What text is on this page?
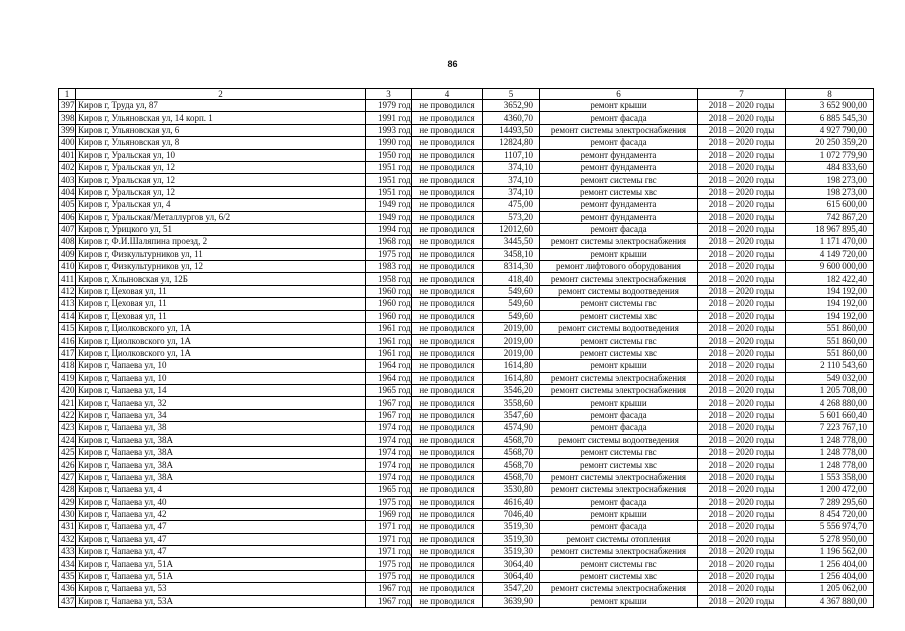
86
1	2	3	4	5	6	7	8
397	Киров г, Труда ул, 87	1979 год	не проводился	3652,90	ремонт крыши	2018 – 2020 годы	3 652 900,00
398	Киров г, Ульяновская ул, 14 корп. 1	1991 год	не проводился	4360,70	ремонт фасада	2018 – 2020 годы	6 885 545,30
399	Киров г, Ульяновская ул, 6	1993 год	не проводился	14493,50	ремонт системы электроснабжения	2018 – 2020 годы	4 927 790,00
400	Киров г, Ульяновская ул, 8	1990 год	не проводился	12824,80	ремонт фасада	2018 – 2020 годы	20 250 359,20
401	Киров г, Уральская ул, 10	1950 год	не проводился	1107,10	ремонт фундамента	2018 – 2020 годы	1 072 779,90
402	Киров г, Уральская ул, 12	1951 год	не проводился	374,10	ремонт фундамента	2018 – 2020 годы	484 833,60
403	Киров г, Уральская ул, 12	1951 год	не проводился	374,10	ремонт системы гвс	2018 – 2020 годы	198 273,00
404	Киров г, Уральская ул, 12	1951 год	не проводился	374,10	ремонт системы хвс	2018 – 2020 годы	198 273,00
405	Киров г, Уральская ул, 4	1949 год	не проводился	475,00	ремонт фундамента	2018 – 2020 годы	615 600,00
406	Киров г, Уральская/Металлургов ул, 6/2	1949 год	не проводился	573,20	ремонт фундамента	2018 – 2020 годы	742 867,20
407	Киров г, Урицкого ул, 51	1994 год	не проводился	12012,60	ремонт фасада	2018 – 2020 годы	18 967 895,40
408	Киров г, Ф.И.Шаляпина проезд, 2	1968 год	не проводился	3445,50	ремонт системы электроснабжения	2018 – 2020 годы	1 171 470,00
409	Киров г, Физкультурников ул, 11	1975 год	не проводился	3458,10	ремонт крыши	2018 – 2020 годы	4 149 720,00
410	Киров г, Физкультурников ул, 12	1983 год	не проводился	8314,30	ремонт лифтового оборудования	2018 – 2020 годы	9 600 000,00
411	Киров г, Хлыновская ул, 12Б	1958 год	не проводился	418,40	ремонт системы электроснабжения	2018 – 2020 годы	182 422,40
412	Киров г, Цеховая ул, 11	1960 год	не проводился	549,60	ремонт системы водоотведения	2018 – 2020 годы	194 192,00
413	Киров г, Цеховая ул, 11	1960 год	не проводился	549,60	ремонт системы гвс	2018 – 2020 годы	194 192,00
414	Киров г, Цеховая ул, 11	1960 год	не проводился	549,60	ремонт системы хвс	2018 – 2020 годы	194 192,00
415	Киров г, Циолковского ул, 1А	1961 год	не проводился	2019,00	ремонт системы водоотведения	2018 – 2020 годы	551 860,00
416	Киров г, Циолковского ул, 1А	1961 год	не проводился	2019,00	ремонт системы гвс	2018 – 2020 годы	551 860,00
417	Киров г, Циолковского ул, 1А	1961 год	не проводился	2019,00	ремонт системы хвс	2018 – 2020 годы	551 860,00
418	Киров г, Чапаева ул, 10	1964 год	не проводился	1614,80	ремонт крыши	2018 – 2020 годы	2 110 543,60
419	Киров г, Чапаева ул, 10	1964 год	не проводился	1614,80	ремонт системы электроснабжения	2018 – 2020 годы	549 032,00
420	Киров г, Чапаева ул, 14	1965 год	не проводился	3546,20	ремонт системы электроснабжения	2018 – 2020 годы	1 205 708,00
421	Киров г, Чапаева ул, 32	1967 год	не проводился	3558,60	ремонт крыши	2018 – 2020 годы	4 268 880,00
422	Киров г, Чапаева ул, 34	1967 год	не проводился	3547,60	ремонт фасада	2018 – 2020 годы	5 601 660,40
423	Киров г, Чапаева ул, 38	1974 год	не проводился	4574,90	ремонт фасада	2018 – 2020 годы	7 223 767,10
424	Киров г, Чапаева ул, 38А	1974 год	не проводился	4568,70	ремонт системы водоотведения	2018 – 2020 годы	1 248 778,00
425	Киров г, Чапаева ул, 38А	1974 год	не проводился	4568,70	ремонт системы гвс	2018 – 2020 годы	1 248 778,00
426	Киров г, Чапаева ул, 38А	1974 год	не проводился	4568,70	ремонт системы хвс	2018 – 2020 годы	1 248 778,00
427	Киров г, Чапаева ул, 38А	1974 год	не проводился	4568,70	ремонт системы электроснабжения	2018 – 2020 годы	1 553 358,00
428	Киров г, Чапаева ул, 4	1965 год	не проводился	3530,80	ремонт системы электроснабжения	2018 – 2020 годы	1 200 472,00
429	Киров г, Чапаева ул, 40	1975 год	не проводился	4616,40	ремонт фасада	2018 – 2020 годы	7 289 295,60
430	Киров г, Чапаева ул, 42	1969 год	не проводился	7046,40	ремонт крыши	2018 – 2020 годы	8 454 720,00
431	Киров г, Чапаева ул, 47	1971 год	не проводился	3519,30	ремонт фасада	2018 – 2020 годы	5 556 974,70
432	Киров г, Чапаева ул, 47	1971 год	не проводился	3519,30	ремонт системы отопления	2018 – 2020 годы	5 278 950,00
433	Киров г, Чапаева ул, 47	1971 год	не проводился	3519,30	ремонт системы электроснабжения	2018 – 2020 годы	1 196 562,00
434	Киров г, Чапаева ул, 51А	1975 год	не проводился	3064,40	ремонт системы гвс	2018 – 2020 годы	1 256 404,00
435	Киров г, Чапаева ул, 51А	1975 год	не проводился	3064,40	ремонт системы хвс	2018 – 2020 годы	1 256 404,00
436	Киров г, Чапаева ул, 53	1967 год	не проводился	3547,20	ремонт системы электроснабжения	2018 – 2020 годы	1 205 062,00
437	Киров г, Чапаева ул, 53А	1967 год	не проводился	3639,90	ремонт крыши	2018 – 2020 годы	4 367 880,00
